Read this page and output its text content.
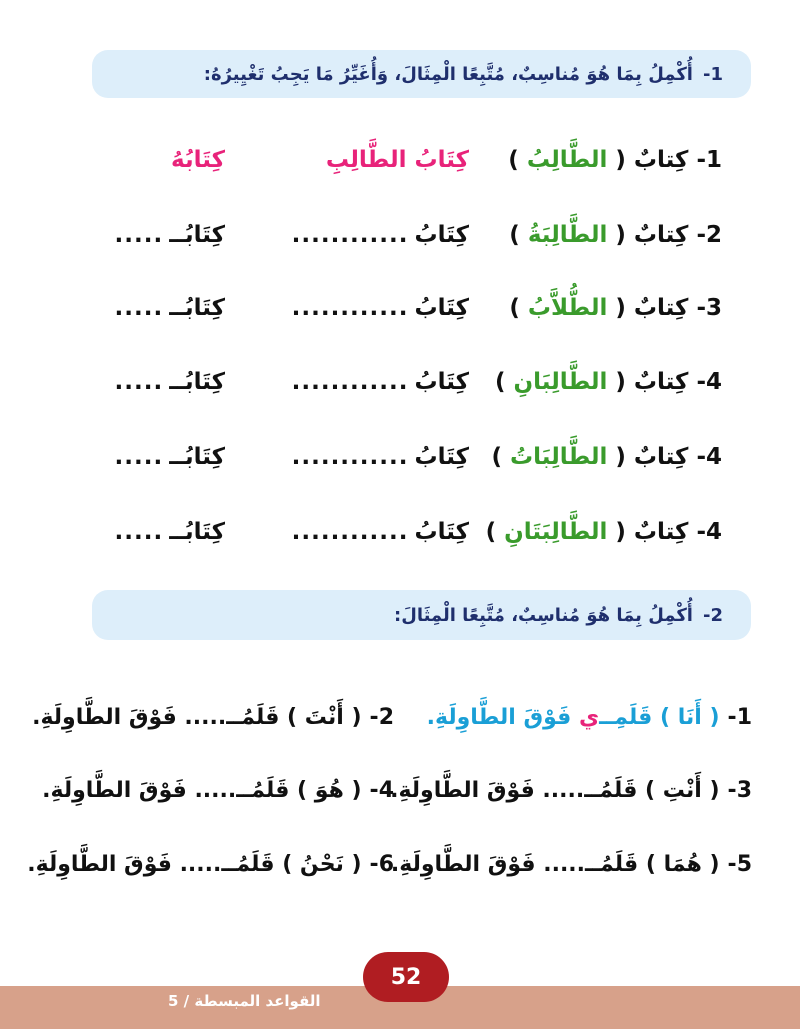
1-
أُكْمِلُ بِمَا هُوَ مُناسِبٌ، مُتَّبِعًا الْمِثَالَ، وَأُغَيِّرُ مَا يَجِبُ تَغْيِيرُهُ:
1-
كِتابٌ

(

الطَّالِبُ

)
كِتَابُ الطَّالِبِ
كِتَابُهُ
2-
كِتابٌ

(

الطَّالِبَةُ

)
كِتَابُ
............
كِتَابُــ
.....
3-
كِتابٌ

(

الطُّلاَّبُ

)
كِتَابُ
............
كِتَابُــ
.....
4-
كِتابٌ

(

الطَّالِبَانِ

)
كِتَابُ
............
كِتَابُــ
.....
4-
كِتابٌ

(

الطَّالِبَاتُ

)
كِتَابُ
............
كِتَابُــ
.....
4-
كِتابٌ

(

الطَّالِبَتَانِ

)
كِتَابُ
............
كِتَابُــ
.....
2-
أُكْمِلُ بِمَا هُوَ مُناسِبٌ، مُتَّبِعًا الْمِثَالَ:
1-
(

أَنَا

)

قَلَمِــ
ي

فَوْقَ الطَّاوِلَةِ.
2-
( أَنْتَ ) قَلَمُــ..... فَوْقَ الطَّاوِلَةِ.
3-
( أَنْتِ ) قَلَمُــ..... فَوْقَ الطَّاوِلَةِ.
4-
( هُوَ ) قَلَمُــ..... فَوْقَ الطَّاوِلَةِ.
5-
( هُمَا ) قَلَمُــ..... فَوْقَ الطَّاوِلَةِ.
6-
( نَحْنُ ) قَلَمُــ..... فَوْقَ الطَّاوِلَةِ.
القواعد المبسطة / 5
52
